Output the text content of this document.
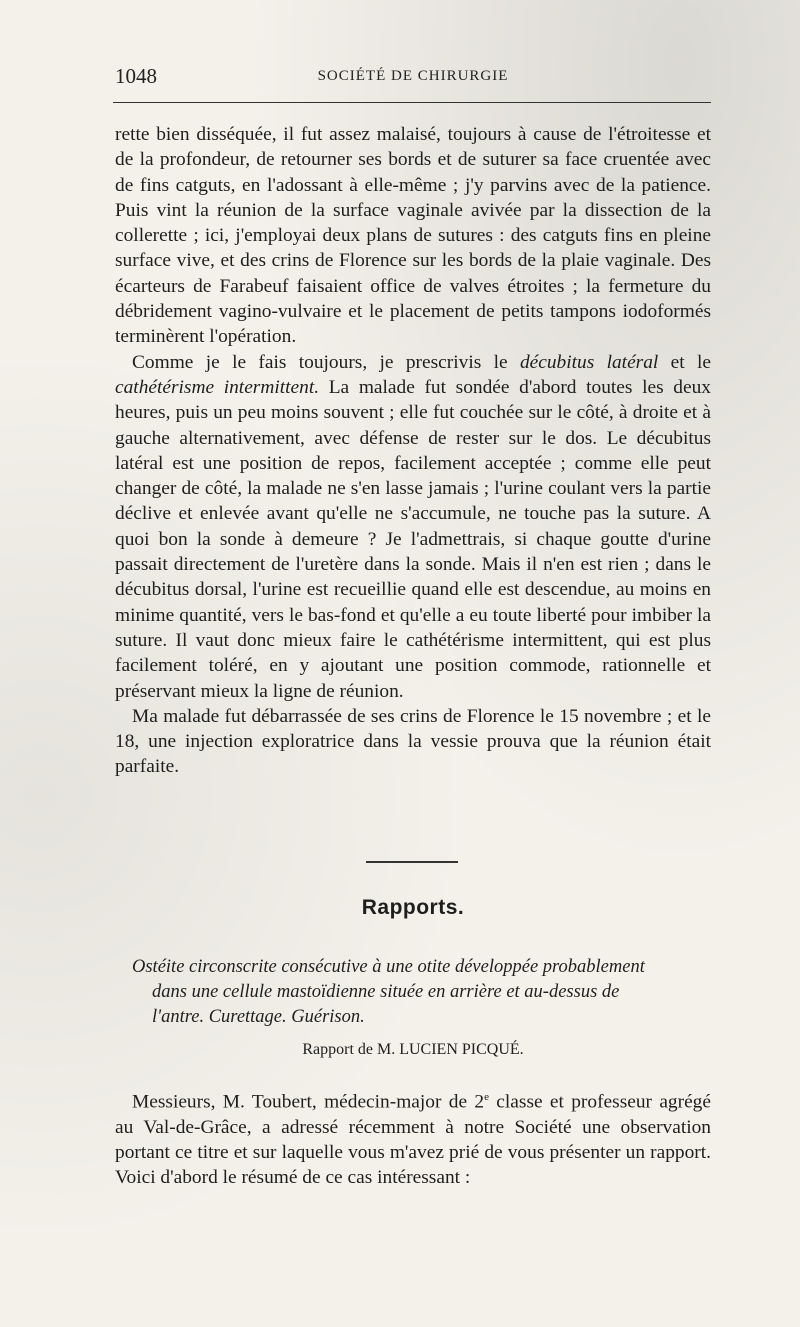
1048	SOCIÉTÉ DE CHIRURGIE

rette bien disséquée, il fut assez malaisé, toujours à cause de l'étroitesse et de la profondeur, de retourner ses bords et de suturer sa face cruentée avec de fins catguts, en l'adossant à elle-même ; j'y parvins avec de la patience. Puis vint la réunion de la surface vaginale avivée par la dissection de la collerette ; ici, j'employai deux plans de sutures : des catguts fins en pleine surface vive, et des crins de Florence sur les bords de la plaie vaginale. Des écarteurs de Farabeuf faisaient office de valves étroites ; la fermeture du débridement vagino-vulvaire et le placement de petits tampons iodoformés terminèrent l'opération.

Comme je le fais toujours, je prescrivis le décubitus latéral et le cathétérisme intermittent. La malade fut sondée d'abord toutes les deux heures, puis un peu moins souvent ; elle fut couchée sur le côté, à droite et à gauche alternativement, avec défense de rester sur le dos. Le décubitus latéral est une position de repos, facilement acceptée ; comme elle peut changer de côté, la malade ne s'en lasse jamais ; l'urine coulant vers la partie déclive et enlevée avant qu'elle ne s'accumule, ne touche pas la suture. A quoi bon la sonde à demeure ? Je l'admettrais, si chaque goutte d'urine passait directement de l'uretère dans la sonde. Mais il n'en est rien ; dans le décubitus dorsal, l'urine est recueillie quand elle est descendue, au moins en minime quantité, vers le bas-fond et qu'elle a eu toute liberté pour imbiber la suture. Il vaut donc mieux faire le cathétérisme intermittent, qui est plus facilement toléré, en y ajoutant une position commode, rationnelle et préservant mieux la ligne de réunion.

Ma malade fut débarrassée de ses crins de Florence le 15 novembre ; et le 18, une injection exploratrice dans la vessie prouva que la réunion était parfaite.

Rapports.
Ostéite circonscrite consécutive à une otite développée probablement
dans une cellule mastoïdienne située en arrière et au-dessus de
l'antre. Curettage. Guérison.
Rapport de M. LUCIEN PICQUÉ.

Messieurs, M. Toubert, médecin-major de 2e classe et professeur agrégé au Val-de-Grâce, a adressé récemment à notre Société une observation portant ce titre et sur laquelle vous m'avez prié de vous présenter un rapport. Voici d'abord le résumé de ce cas intéressant :
